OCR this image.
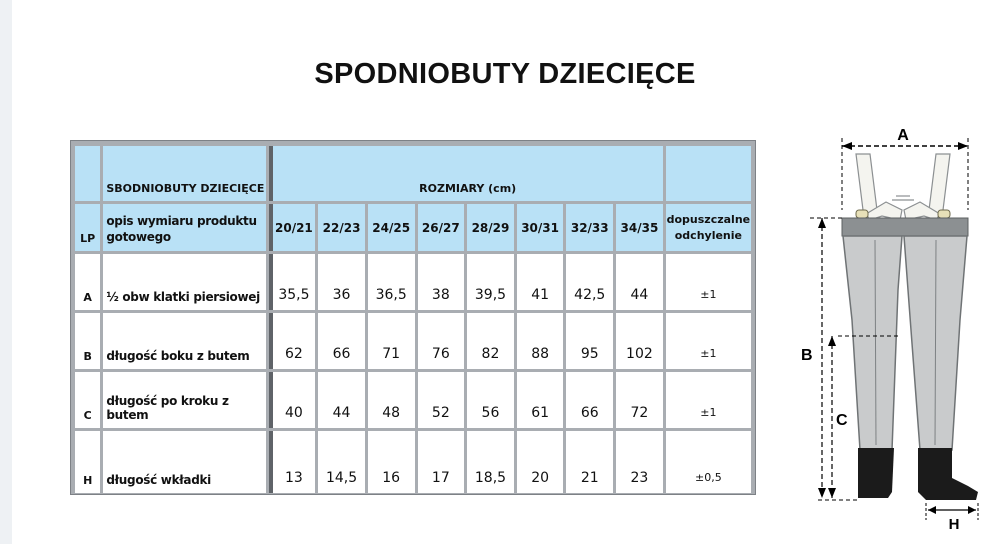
SPODNIOBUTY DZIECIĘCE
	SBODNIOBUTY DZIECIĘCE	ROZMIARY (cm)								
LP	opis wymiaru produktu gotowego	20/21	22/23	24/25	26/27	28/29	30/31	32/33	34/35	dopuszczalne odchylenie
A	½ obw klatki piersiowej	35,5	36	36,5	38	39,5	41	42,5	44	±1
B	długość boku z butem	62	66	71	76	82	88	95	102	±1
C	długość po kroku z butem	40	44	48	52	56	61	66	72	±1
H	długość wkładki	13	14,5	16	17	18,5	20	21	23	±0,5
A
B
C
H
